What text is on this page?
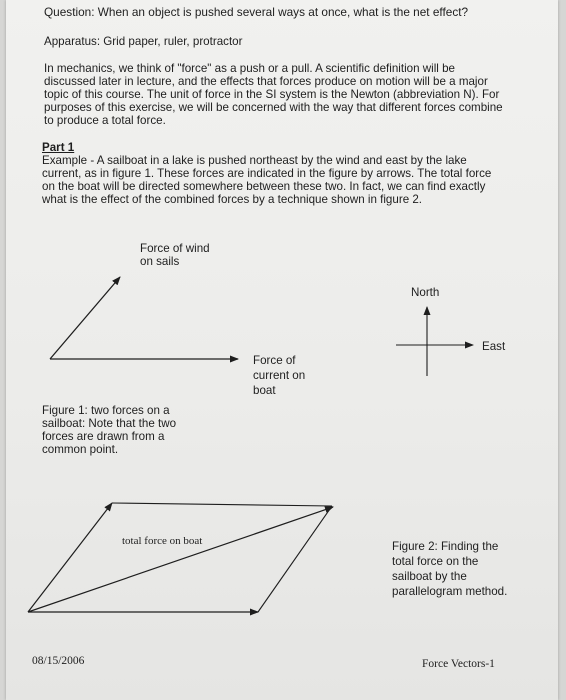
Question: When an object is pushed several ways at once, what is the net effect?

Apparatus: Grid paper, ruler, protractor

In mechanics, we think of "force" as a push or a pull. A scientific definition will be

discussed later in lecture, and the effects that forces produce on motion will be a major

topic of this course. The unit of force in the SI system is the Newton (abbreviation N). For

purposes of this exercise, we will be concerned with the way that different forces combine

to produce a total force.

Part 1

Example - A sailboat in a lake is pushed northeast by the wind and east by the lake

current, as in figure 1. These forces are indicated in the figure by arrows. The total force

on the boat will be directed somewhere between these two. In fact, we can find exactly

what is the effect of the combined forces by a technique shown in figure 2.

Force of wind

on sails

Force of

current on

boat

Figure 1: two forces on a

sailboat: Note that the two

forces are drawn from a

common point.

North

East

total force on boat	Figure 2: Finding the

total force on the

sailboat by the

parallelogram method.

08/15/2006	Force Vectors-1
